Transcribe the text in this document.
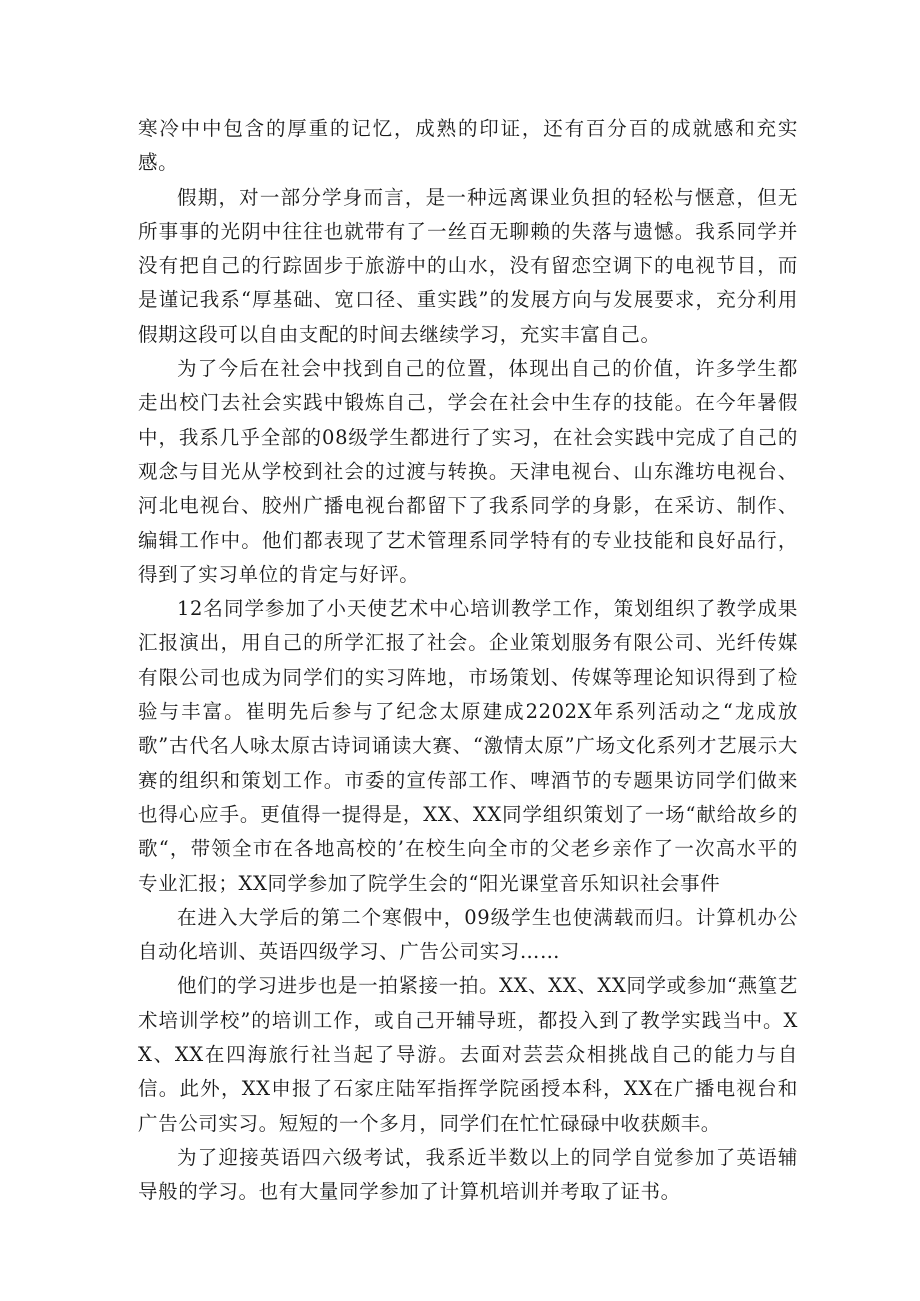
寒冷中中包含的厚重的记忆，成熟的印证，还有百分百的成就感和充实感。

假期，对一部分学身而言，是一种远离课业负担的轻松与惬意，但无所事事的光阴中往往也就带有了一丝百无聊赖的失落与遗憾。我系同学并没有把自己的行踪固步于旅游中的山水，没有留恋空调下的电视节目，而是谨记我系“厚基础、宽口径、重实践”的发展方向与发展要求，充分利用假期这段可以自由支配的时间去继续学习，充实丰富自己。

为了今后在社会中找到自己的位置，体现出自己的价值，许多学生都走出校门去社会实践中锻炼自己，学会在社会中生存的技能。在今年暑假中，我系几乎全部的08级学生都进行了实习，在社会实践中完成了自己的观念与目光从学校到社会的过渡与转换。天津电视台、山东潍坊电视台、河北电视台、胶州广播电视台都留下了我系同学的身影，在采访、制作、编辑工作中。他们都表现了艺术管理系同学特有的专业技能和良好品行，得到了实习单位的肯定与好评。

12名同学参加了小天使艺术中心培训教学工作，策划组织了教学成果汇报演出，用自己的所学汇报了社会。企业策划服务有限公司、光纤传媒有限公司也成为同学们的实习阵地，市场策划、传媒等理论知识得到了检验与丰富。崔明先后参与了纪念太原建成2202X年系列活动之“龙成放歌”古代名人咏太原古诗词诵读大赛、“激情太原”广场文化系列才艺展示大赛的组织和策划工作。市委的宣传部工作、啤酒节的专题果访同学们做来也得心应手。更值得一提得是，XX、XX同学组织策划了一场“献给故乡的歌“，带领全市在各地高校的’在校生向全市的父老乡亲作了一次高水平的专业汇报；XX同学参加了院学生会的“阳光课堂音乐知识社会事件

在进入大学后的第二个寒假中，09级学生也使满载而归。计算机办公自动化培训、英语四级学习、广告公司实习……

他们的学习进步也是一拍紧接一拍。XX、XX、XX同学或参加“燕篁艺术培训学校”的培训工作，或自己开辅导班，都投入到了教学实践当中。XX、XX在四海旅行社当起了导游。去面对芸芸众相挑战自己的能力与自信。此外，XX申报了石家庄陆军指挥学院函授本科，XX在广播电视台和广告公司实习。短短的一个多月，同学们在忙忙碌碌中收获颇丰。

为了迎接英语四六级考试，我系近半数以上的同学自觉参加了英语辅导般的学习。也有大量同学参加了计算机培训并考取了证书。
